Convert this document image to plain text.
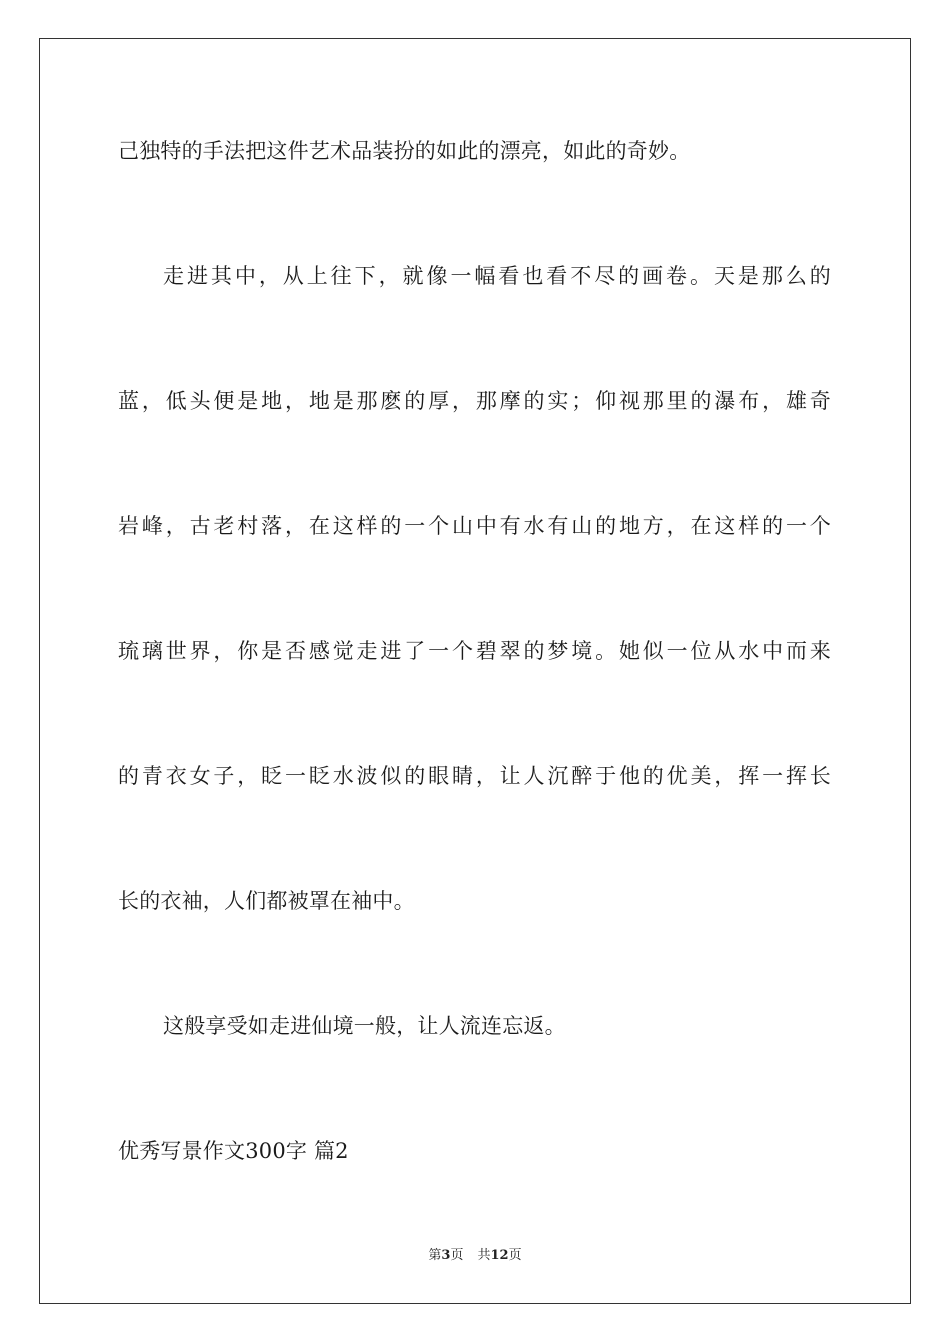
己独特的手法把这件艺术品装扮的如此的漂亮，如此的奇妙。
走进其中，从上往下，就像一幅看也看不尽的画卷。天是那么的
蓝，低头便是地，地是那麽的厚，那摩的实；仰视那里的瀑布，雄奇
岩峰，古老村落，在这样的一个山中有水有山的地方，在这样的一个
琉璃世界，你是否感觉走进了一个碧翠的梦境。她似一位从水中而来
的青衣女子，眨一眨水波似的眼睛，让人沉醉于他的优美，挥一挥长
长的衣袖，人们都被罩在袖中。
这般享受如走进仙境一般，让人流连忘返。
优秀写景作文300字 篇2
第3页 共12页
